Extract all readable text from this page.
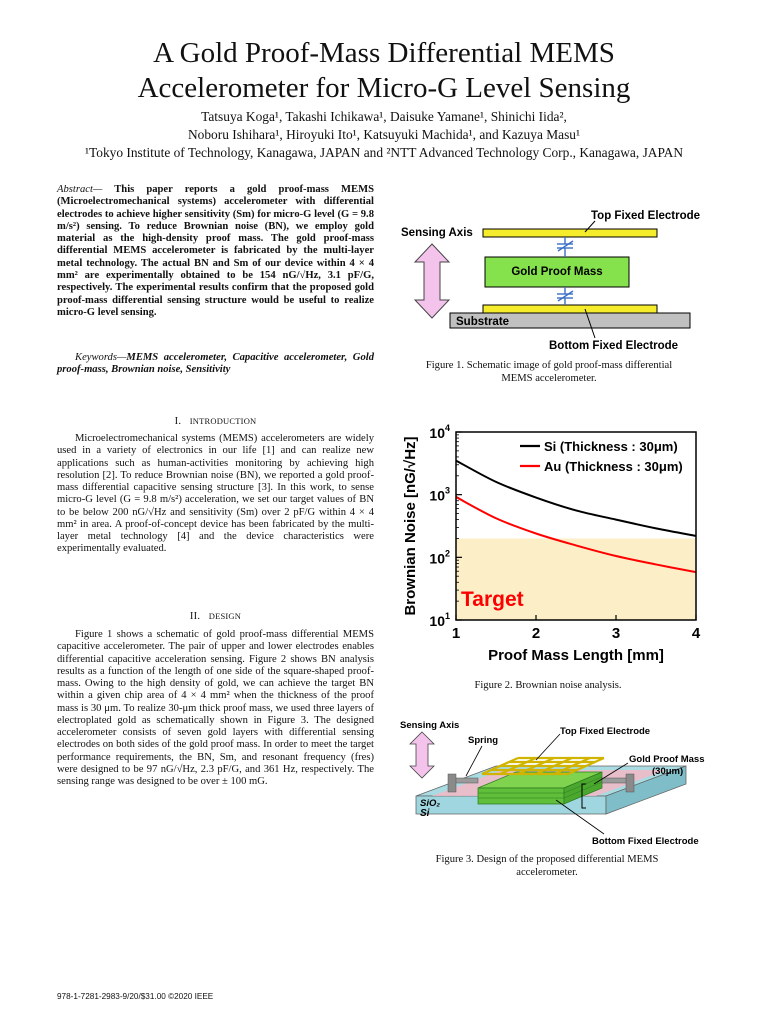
A Gold Proof-Mass Differential MEMS
Accelerometer for Micro-G Level Sensing
Tatsuya Koga¹, Takashi Ichikawa¹, Daisuke Yamane¹, Shinichi Iida²,
Noboru Ishihara¹, Hiroyuki Ito¹, Katsuyuki Machida¹, and Kazuya Masu¹
¹Tokyo Institute of Technology, Kanagawa, JAPAN and ²NTT Advanced Technology Corp., Kanagawa, JAPAN
Abstract— This paper reports a gold proof-mass MEMS (Microelectromechanical systems) accelerometer with differential electrodes to achieve higher sensitivity (Sm) for micro-G level (G = 9.8 m/s²) sensing. To reduce Brownian noise (BN), we employ gold material as the high-density proof mass. The gold proof-mass differential MEMS accelerometer is fabricated by the multi-layer metal technology. The actual BN and Sm of our device within 4 × 4 mm² are experimentally obtained to be 154 nG/√Hz, 3.1 pF/G, respectively. The experimental results confirm that the proposed gold proof-mass differential sensing structure would be useful to realize micro-G level sensing.
Keywords—MEMS accelerometer, Capacitive accelerometer, Gold proof-mass, Brownian noise, Sensitivity
I. INTRODUCTION
Microelectromechanical systems (MEMS) accelerometers are widely used in a variety of electronics in our life [1] and can realize new applications such as human-activities monitoring by achieving high resolution [2]. To reduce Brownian noise (BN), we reported a gold proof-mass differential capacitive sensing structure [3]. In this work, to sense micro-G level (G = 9.8 m/s²) acceleration, we set our target values of BN to be below 200 nG/√Hz and sensitivity (Sm) over 2 pF/G within 4 × 4 mm² in area. A proof-of-concept device has been fabricated by the multi-layer metal technology [4] and the device characteristics were experimentally evaluated.
II. DESIGN
Figure 1 shows a schematic of gold proof-mass differential MEMS capacitive accelerometer. The pair of upper and lower electrodes enables differential capacitive acceleration sensing. Figure 2 shows BN analysis results as a function of the length of one side of the square-shaped proof-mass. Owing to the high density of gold, we can achieve the target BN within a given chip area of 4 × 4 mm² when the thickness of the proof mass is 30 μm. To realize 30-μm thick proof mass, we used three layers of electroplated gold as schematically shown in Figure 3. The designed accelerometer consists of seven gold layers with differential sensing electrodes on both sides of the gold proof mass. In order to meet the target performance requirements, the BN, Sm, and resonant frequency (fres) were designed to be 97 nG/√Hz, 2.3 pF/G, and 361 Hz, respectively. The sensing range was designed to be over ± 100 mG.
Top Fixed Electrode
Sensing Axis
Gold Proof Mass
Substrate
Bottom Fixed Electrode
Figure 1. Schematic image of gold proof-mass differential
MEMS accelerometer.
Target
1	2	3	4
$10^1$
$10^2$
$10^3$
$10^4$
Si (Thickness : 30μm)
Au (Thickness : 30μm)
Brownian Noise [nG/√Hz]
Proof Mass Length [mm]
Figure 2. Brownian noise analysis.
Sensing Axis
Spring
Top Fixed Electrode
Gold Proof Mass
(30μm)
SiO₂
Si
Bottom Fixed Electrode
Figure 3. Design of the proposed differential MEMS
accelerometer.
978-1-7281-2983-9/20/$31.00 ©2020 IEEE
